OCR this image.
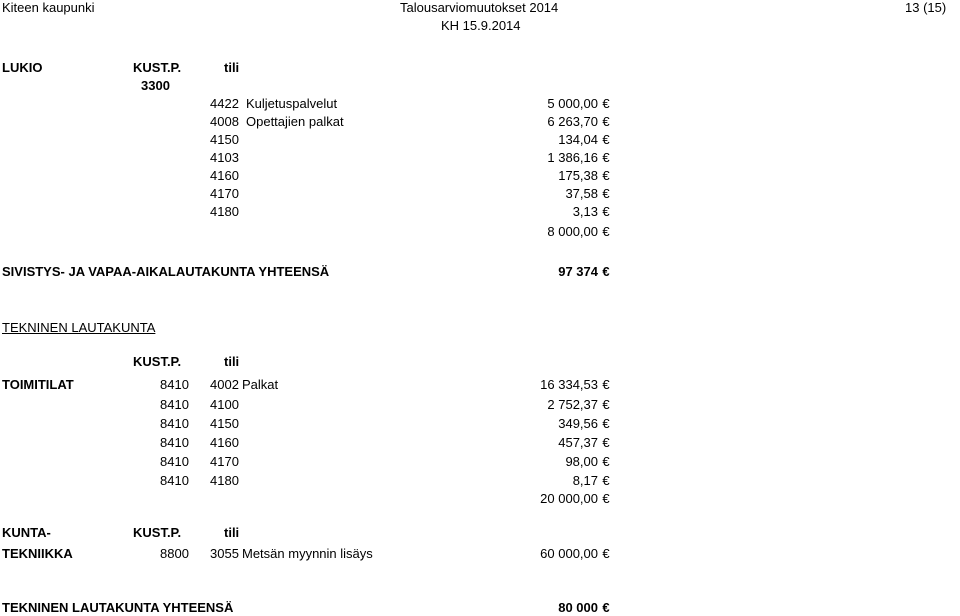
Kiteen kaupunki	Talousarviomuutokset 2014
KH 15.9.2014
13 (15)
LUKIO	KUST.P.	tili
3300
4422 Kuljetuspalvelut	5 000,00 €
4008 Opettajien palkat	6 263,70 €
4150	134,04 €
4103	1 386,16 €
4160	175,38 €
4170	37,58 €
4180	3,13 €
8 000,00 €
SIVISTYS- JA VAPAA-AIKALAUTAKUNTA YHTEENSÄ	97 374 €
TEKNINEN LAUTAKUNTA
KUST.P.	tili
TOIMITILAT	8410 4002 Palkat	16 334,53 €
8410 4100	2 752,37 €
8410 4150	349,56 €
8410 4160	457,37 €
8410 4170	98,00 €
8410 4180	8,17 €
20 000,00 €
KUNTA-	KUST.P.	tili
TEKNIIKKA	8800 3055 Metsän myynnin lisäys	60 000,00 €
TEKNINEN LAUTAKUNTA YHTEENSÄ	80 000 €
